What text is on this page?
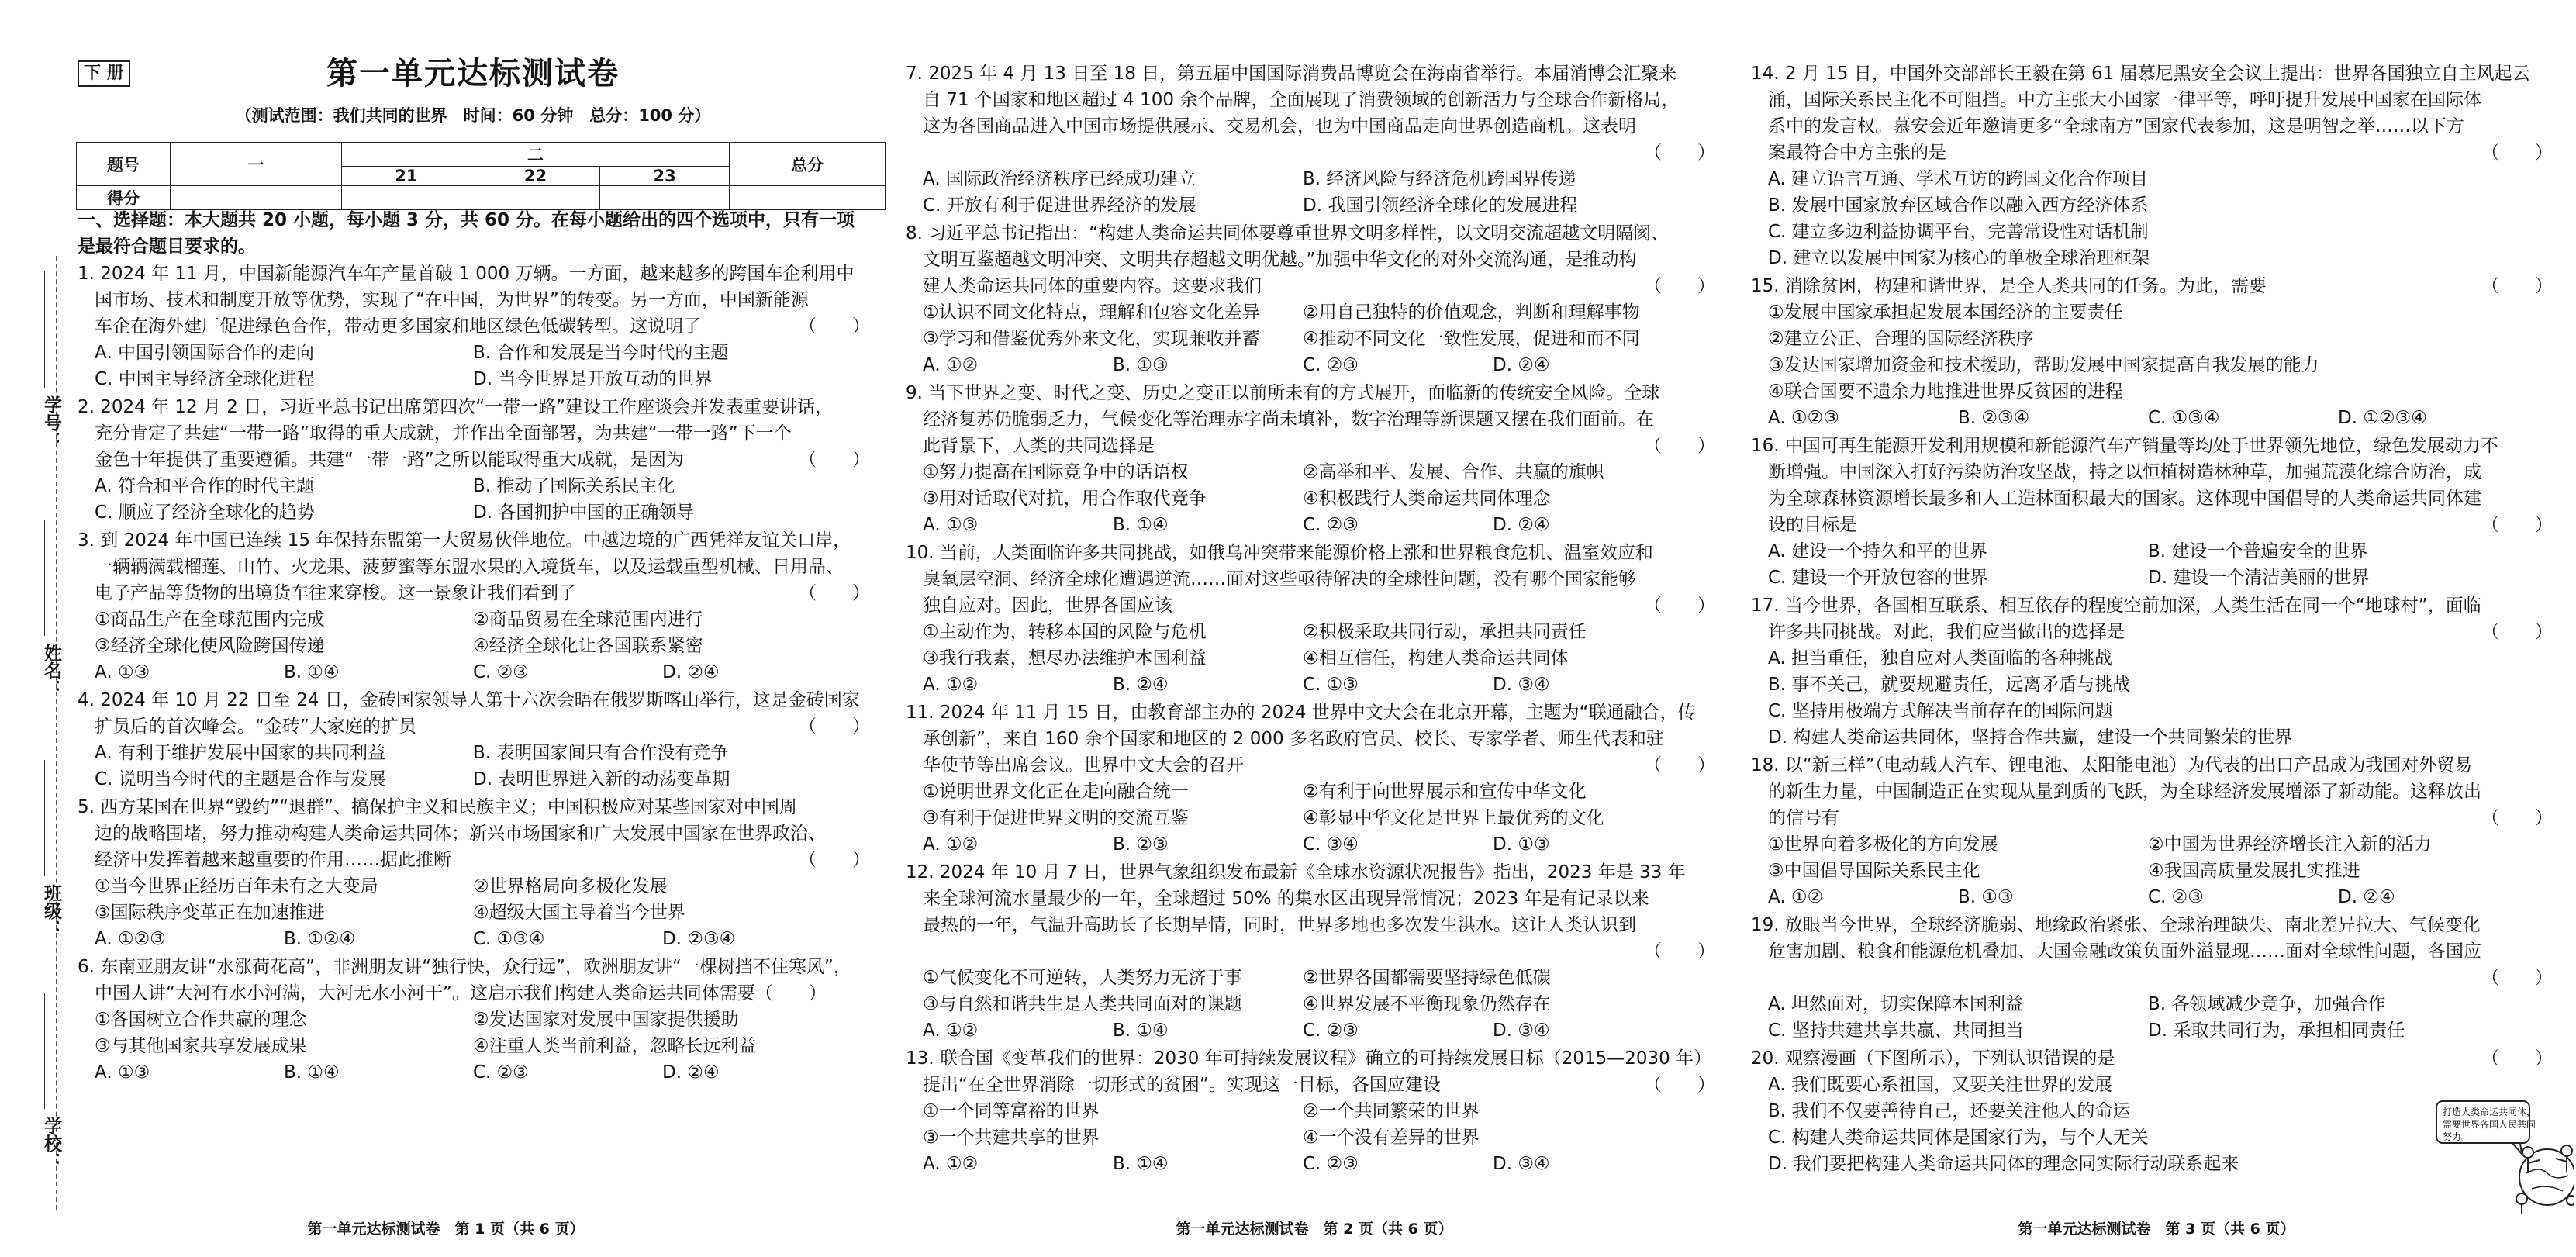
下 册	第一单元达标测试卷
（测试范围：我们共同的世界　时间：60 分钟　总分：100 分）
题号	一	二			总分
		21	22	23	
得分					
学号：
姓名：
班级：
学校：
一、选择题：本大题共 20 小题，每小题 3 分，共 60 分。在每小题给出的四个选项中，只有一项
是最符合题目要求的。
1. 2024 年 11 月，中国新能源汽车年产量首破 1 000 万辆。一方面，越来越多的跨国车企利用中
国市场、技术和制度开放等优势，实现了“在中国，为世界”的转变。另一方面，中国新能源
车企在海外建厂促进绿色合作，带动更多国家和地区绿色低碳转型。这说明了	（　　）
A. 中国引领国际合作的走向	B. 合作和发展是当今时代的主题
C. 中国主导经济全球化进程	D. 当今世界是开放互动的世界
2. 2024 年 12 月 2 日，习近平总书记出席第四次“一带一路”建设工作座谈会并发表重要讲话，
充分肯定了共建“一带一路”取得的重大成就，并作出全面部署，为共建“一带一路”下一个
金色十年提供了重要遵循。共建“一带一路”之所以能取得重大成就，是因为	（　　）
A. 符合和平合作的时代主题	B. 推动了国际关系民主化
C. 顺应了经济全球化的趋势	D. 各国拥护中国的正确领导
3. 到 2024 年中国已连续 15 年保持东盟第一大贸易伙伴地位。中越边境的广西凭祥友谊关口岸，
一辆辆满载榴莲、山竹、火龙果、菠萝蜜等东盟水果的入境货车，以及运载重型机械、日用品、
电子产品等货物的出境货车往来穿梭。这一景象让我们看到了	（　　）
①商品生产在全球范围内完成	②商品贸易在全球范围内进行
③经济全球化使风险跨国传递	④经济全球化让各国联系紧密
A. ①③	B. ①④	C. ②③	D. ②④
4. 2024 年 10 月 22 日至 24 日，金砖国家领导人第十六次会晤在俄罗斯喀山举行，这是金砖国家
扩员后的首次峰会。“金砖”大家庭的扩员	（　　）
A. 有利于维护发展中国家的共同利益	B. 表明国家间只有合作没有竞争
C. 说明当今时代的主题是合作与发展	D. 表明世界进入新的动荡变革期
5. 西方某国在世界“毁约”“退群”、搞保护主义和民族主义；中国积极应对某些国家对中国周
边的战略围堵，努力推动构建人类命运共同体；新兴市场国家和广大发展中国家在世界政治、
经济中发挥着越来越重要的作用……据此推断	（　　）
①当今世界正经历百年未有之大变局	②世界格局向多极化发展
③国际秩序变革正在加速推进	④超级大国主导着当今世界
A. ①②③	B. ①②④	C. ①③④	D. ②③④
6. 东南亚朋友讲“水涨荷花高”，非洲朋友讲“独行快，众行远”，欧洲朋友讲“一棵树挡不住寒风”，
中国人讲“大河有水小河满，大河无水小河干”。这启示我们构建人类命运共同体需要（　　）
①各国树立合作共赢的理念	②发达国家对发展中国家提供援助
③与其他国家共享发展成果	④注重人类当前利益，忽略长远利益
A. ①③	B. ①④	C. ②③	D. ②④
第一单元达标测试卷　第 1 页（共 6 页）
7. 2025 年 4 月 13 日至 18 日，第五届中国国际消费品博览会在海南省举行。本届消博会汇聚来
自 71 个国家和地区超过 4 100 余个品牌，全面展现了消费领域的创新活力与全球合作新格局，
这为各国商品进入中国市场提供展示、交易机会，也为中国商品走向世界创造商机。这表明
（　　）
A. 国际政治经济秩序已经成功建立	B. 经济风险与经济危机跨国界传递
C. 开放有利于促进世界经济的发展	D. 我国引领经济全球化的发展进程
8. 习近平总书记指出：“构建人类命运共同体要尊重世界文明多样性，以文明交流超越文明隔阂、
文明互鉴超越文明冲突、文明共存超越文明优越。”加强中华文化的对外交流沟通，是推动构
建人类命运共同体的重要内容。这要求我们	（　　）
①认识不同文化特点，理解和包容文化差异 ②用自己独特的价值观念，判断和理解事物
③学习和借鉴优秀外来文化，实现兼收并蓄 ④推动不同文化一致性发展，促进和而不同
A. ①②	B. ①③	C. ②③	D. ②④
9. 当下世界之变、时代之变、历史之变正以前所未有的方式展开，面临新的传统安全风险。全球
经济复苏仍脆弱乏力，气候变化等治理赤字尚未填补，数字治理等新课题又摆在我们面前。在
此背景下，人类的共同选择是	（　　）
①努力提高在国际竞争中的话语权	②高举和平、发展、合作、共赢的旗帜
③用对话取代对抗，用合作取代竞争	④积极践行人类命运共同体理念
A. ①③	B. ①④	C. ②③	D. ②④
10. 当前，人类面临许多共同挑战，如俄乌冲突带来能源价格上涨和世界粮食危机、温室效应和
臭氧层空洞、经济全球化遭遇逆流……面对这些亟待解决的全球性问题，没有哪个国家能够
独自应对。因此，世界各国应该	（　　）
①主动作为，转移本国的风险与危机	②积极采取共同行动，承担共同责任
③我行我素，想尽办法维护本国利益	④相互信任，构建人类命运共同体
A. ①②	B. ②④	C. ①③	D. ③④
11. 2024 年 11 月 15 日，由教育部主办的 2024 世界中文大会在北京开幕，主题为“联通融合，传
承创新”，来自 160 余个国家和地区的 2 000 多名政府官员、校长、专家学者、师生代表和驻
华使节等出席会议。世界中文大会的召开	（　　）
①说明世界文化正在走向融合统一	②有利于向世界展示和宣传中华文化
③有利于促进世界文明的交流互鉴	④彰显中华文化是世界上最优秀的文化
A. ①②	B. ②③	C. ③④	D. ①③
12. 2024 年 10 月 7 日，世界气象组织发布最新《全球水资源状况报告》指出，2023 年是 33 年
来全球河流水量最少的一年，全球超过 50% 的集水区出现异常情况；2023 年是有记录以来
最热的一年，气温升高助长了长期旱情，同时，世界多地也多次发生洪水。这让人类认识到
（　　）
①气候变化不可逆转，人类努力无济于事	②世界各国都需要坚持绿色低碳
③与自然和谐共生是人类共同面对的课题	④世界发展不平衡现象仍然存在
A. ①②	B. ①④	C. ②③	D. ③④
13. 联合国《变革我们的世界：2030 年可持续发展议程》确立的可持续发展目标（2015—2030 年）
提出“在全世界消除一切形式的贫困”。实现这一目标，各国应建设	（　　）
①一个同等富裕的世界	②一个共同繁荣的世界
③一个共建共享的世界	④一个没有差异的世界
A. ①②	B. ①④	C. ②③	D. ③④
第一单元达标测试卷　第 2 页（共 6 页）
14. 2 月 15 日，中国外交部部长王毅在第 61 届慕尼黑安全会议上提出：世界各国独立自主风起云
涌，国际关系民主化不可阻挡。中方主张大小国家一律平等，呼吁提升发展中国家在国际体
系中的发言权。慕安会近年邀请更多“全球南方”国家代表参加，这是明智之举……以下方
案最符合中方主张的是	（　　）
A. 建立语言互通、学术互访的跨国文化合作项目
B. 发展中国家放弃区域合作以融入西方经济体系
C. 建立多边利益协调平台，完善常设性对话机制
D. 建立以发展中国家为核心的单极全球治理框架
15. 消除贫困，构建和谐世界，是全人类共同的任务。为此，需要	（　　）
①发展中国家承担起发展本国经济的主要责任
②建立公正、合理的国际经济秩序
③发达国家增加资金和技术援助，帮助发展中国家提高自我发展的能力
④联合国要不遗余力地推进世界反贫困的进程
A. ①②③	B. ②③④	C. ①③④	D. ①②③④
16. 中国可再生能源开发利用规模和新能源汽车产销量等均处于世界领先地位，绿色发展动力不
断增强。中国深入打好污染防治攻坚战，持之以恒植树造林种草，加强荒漠化综合防治，成
为全球森林资源增长最多和人工造林面积最大的国家。这体现中国倡导的人类命运共同体建
设的目标是	（　　）
A. 建设一个持久和平的世界	B. 建设一个普遍安全的世界
C. 建设一个开放包容的世界	D. 建设一个清洁美丽的世界
17. 当今世界，各国相互联系、相互依存的程度空前加深，人类生活在同一个“地球村”，面临
许多共同挑战。对此，我们应当做出的选择是	（　　）
A. 担当重任，独自应对人类面临的各种挑战
B. 事不关己，就要规避责任，远离矛盾与挑战
C. 坚持用极端方式解决当前存在的国际问题
D. 构建人类命运共同体，坚持合作共赢，建设一个共同繁荣的世界
18. 以“新三样”（电动载人汽车、锂电池、太阳能电池）为代表的出口产品成为我国对外贸易
的新生力量，中国制造正在实现从量到质的飞跃，为全球经济发展增添了新动能。这释放出
的信号有	（　　）
①世界向着多极化的方向发展	②中国为世界经济增长注入新的活力
③中国倡导国际关系民主化	④我国高质量发展扎实推进
A. ①②	B. ①③	C. ②③	D. ②④
19. 放眼当今世界，全球经济脆弱、地缘政治紧张、全球治理缺失、南北差异拉大、气候变化
危害加剧、粮食和能源危机叠加、大国金融政策负面外溢显现……面对全球性问题，各国应
（　　）
A. 坦然面对，切实保障本国利益	B. 各领域减少竞争，加强合作
C. 坚持共建共享共赢、共同担当	D. 采取共同行为，承担相同责任
20. 观察漫画（下图所示），下列认识错误的是	（　　）
A. 我们既要心系祖国，又要关注世界的发展
B. 我们不仅要善待自己，还要关注他人的命运
C. 构建人类命运共同体是国家行为，与个人无关
D. 我们要把构建人类命运共同体的理念同实际行动联系起来
打造人类命运共同体，
需要世界各国人民共同
努力。
第一单元达标测试卷　第 3 页（共 6 页）
